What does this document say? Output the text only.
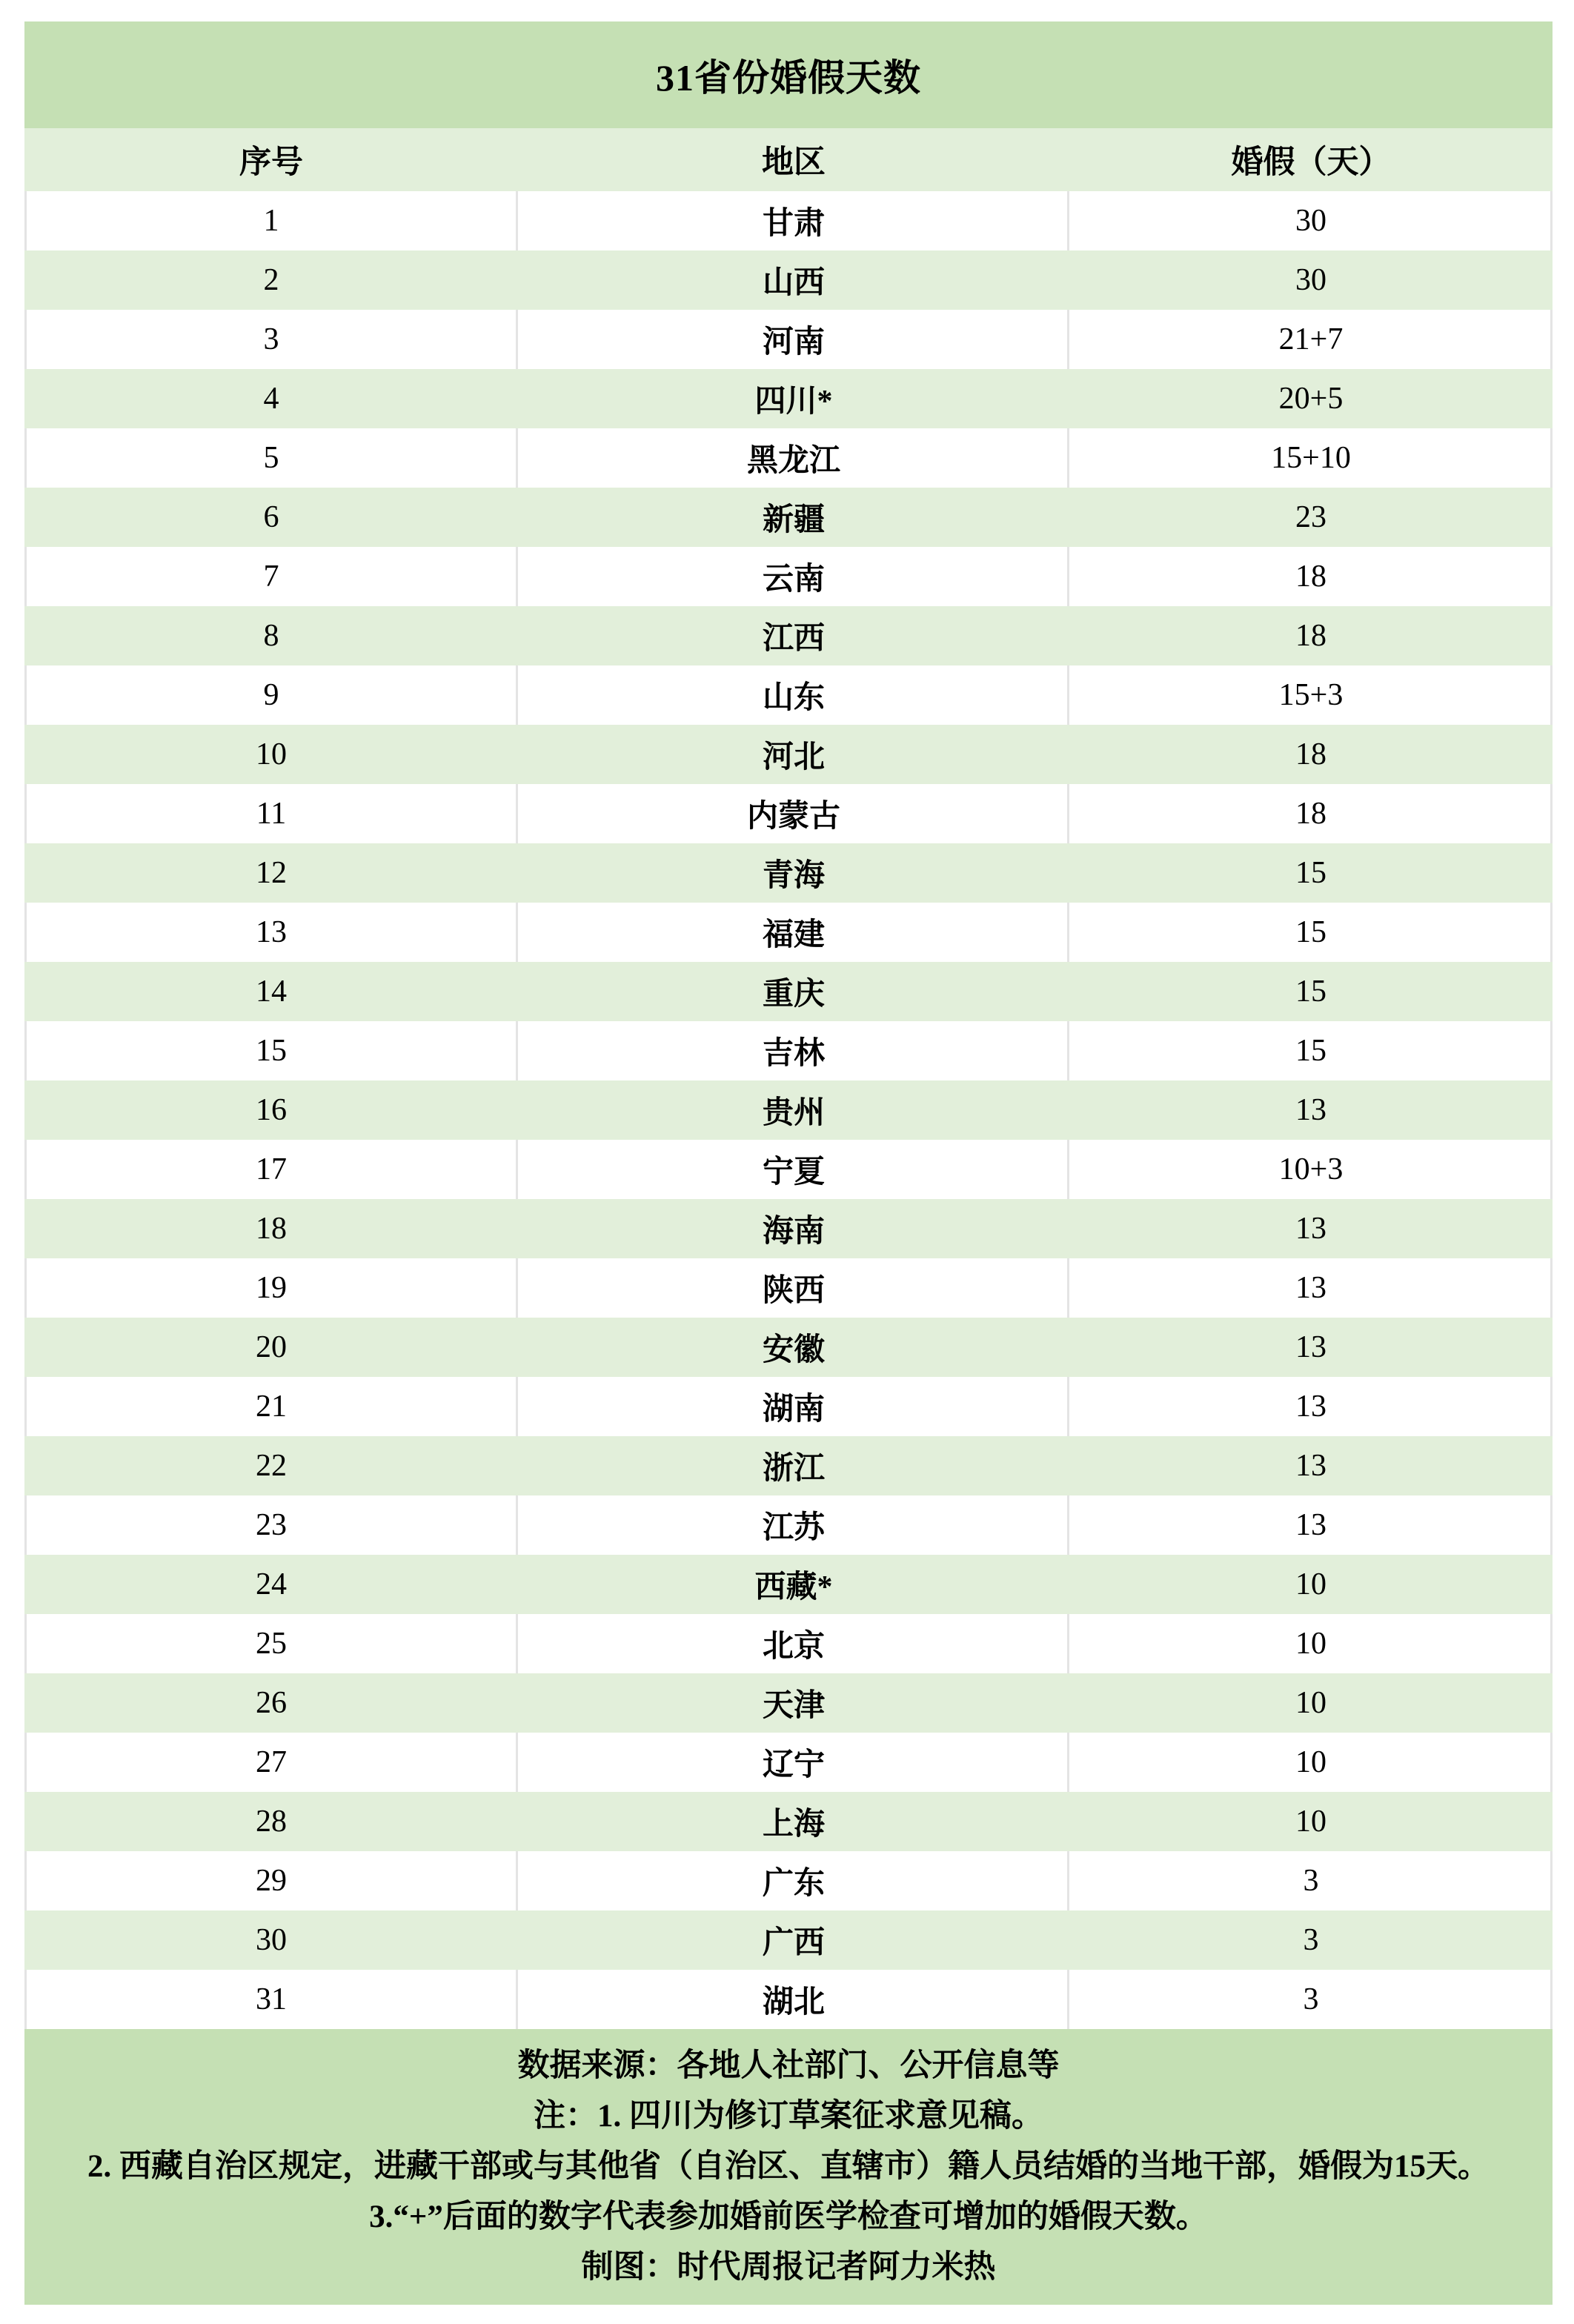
31省份婚假天数
序号	地区	婚假（天）
1	甘肃	30
2	山西	30
3	河南	21+7
4	四川*	20+5
5	黑龙江	15+10
6	新疆	23
7	云南	18
8	江西	18
9	山东	15+3
10	河北	18
11	内蒙古	18
12	青海	15
13	福建	15
14	重庆	15
15	吉林	15
16	贵州	13
17	宁夏	10+3
18	海南	13
19	陕西	13
20	安徽	13
21	湖南	13
22	浙江	13
23	江苏	13
24	西藏*	10
25	北京	10
26	天津	10
27	辽宁	10
28	上海	10
29	广东	3
30	广西	3
31	湖北	3
数据来源：各地人社部门、公开信息等
注：1. 四川为修订草案征求意见稿。
2. 西藏自治区规定，进藏干部或与其他省（自治区、直辖市）籍人员结婚的当地干部，婚假为15天。
3.“+”后面的数字代表参加婚前医学检查可增加的婚假天数。
制图：时代周报记者阿力米热
